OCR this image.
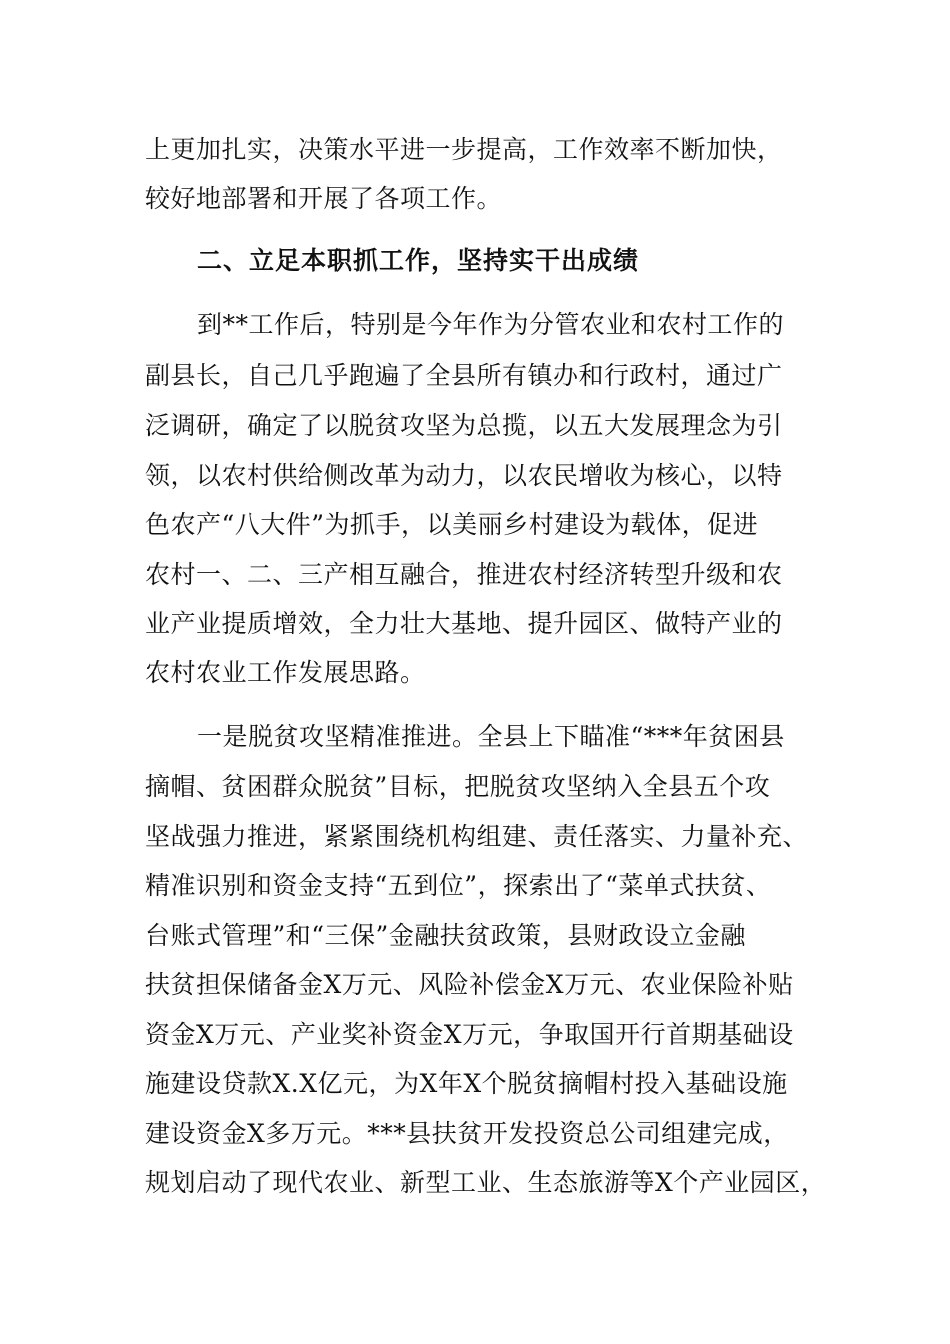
上更加扎实，决策水平进一步提高，工作效率不断加快，
较好地部署和开展了各项工作。
二、立足本职抓工作，坚持实干出成绩
到**工作后，特别是今年作为分管农业和农村工作的
副县长，自己几乎跑遍了全县所有镇办和行政村，通过广
泛调研，确定了以脱贫攻坚为总揽，以五大发展理念为引
领，以农村供给侧改革为动力，以农民增收为核心，以特
色农产“八大件”为抓手，以美丽乡村建设为载体，促进
农村一、二、三产相互融合，推进农村经济转型升级和农
业产业提质增效，全力壮大基地、提升园区、做特产业的
农村农业工作发展思路。
一是脱贫攻坚精准推进。全县上下瞄准“***年贫困县
摘帽、贫困群众脱贫”目标，把脱贫攻坚纳入全县五个攻
坚战强力推进，紧紧围绕机构组建、责任落实、力量补充、
精准识别和资金支持“五到位”，探索出了“菜单式扶贫、
台账式管理”和“三保”金融扶贫政策，县财政设立金融
扶贫担保储备金X万元、风险补偿金X万元、农业保险补贴
资金X万元、产业奖补资金X万元，争取国开行首期基础设
施建设贷款X.X亿元，为X年X个脱贫摘帽村投入基础设施
建设资金X多万元。***县扶贫开发投资总公司组建完成，
规划启动了现代农业、新型工业、生态旅游等X个产业园区，
